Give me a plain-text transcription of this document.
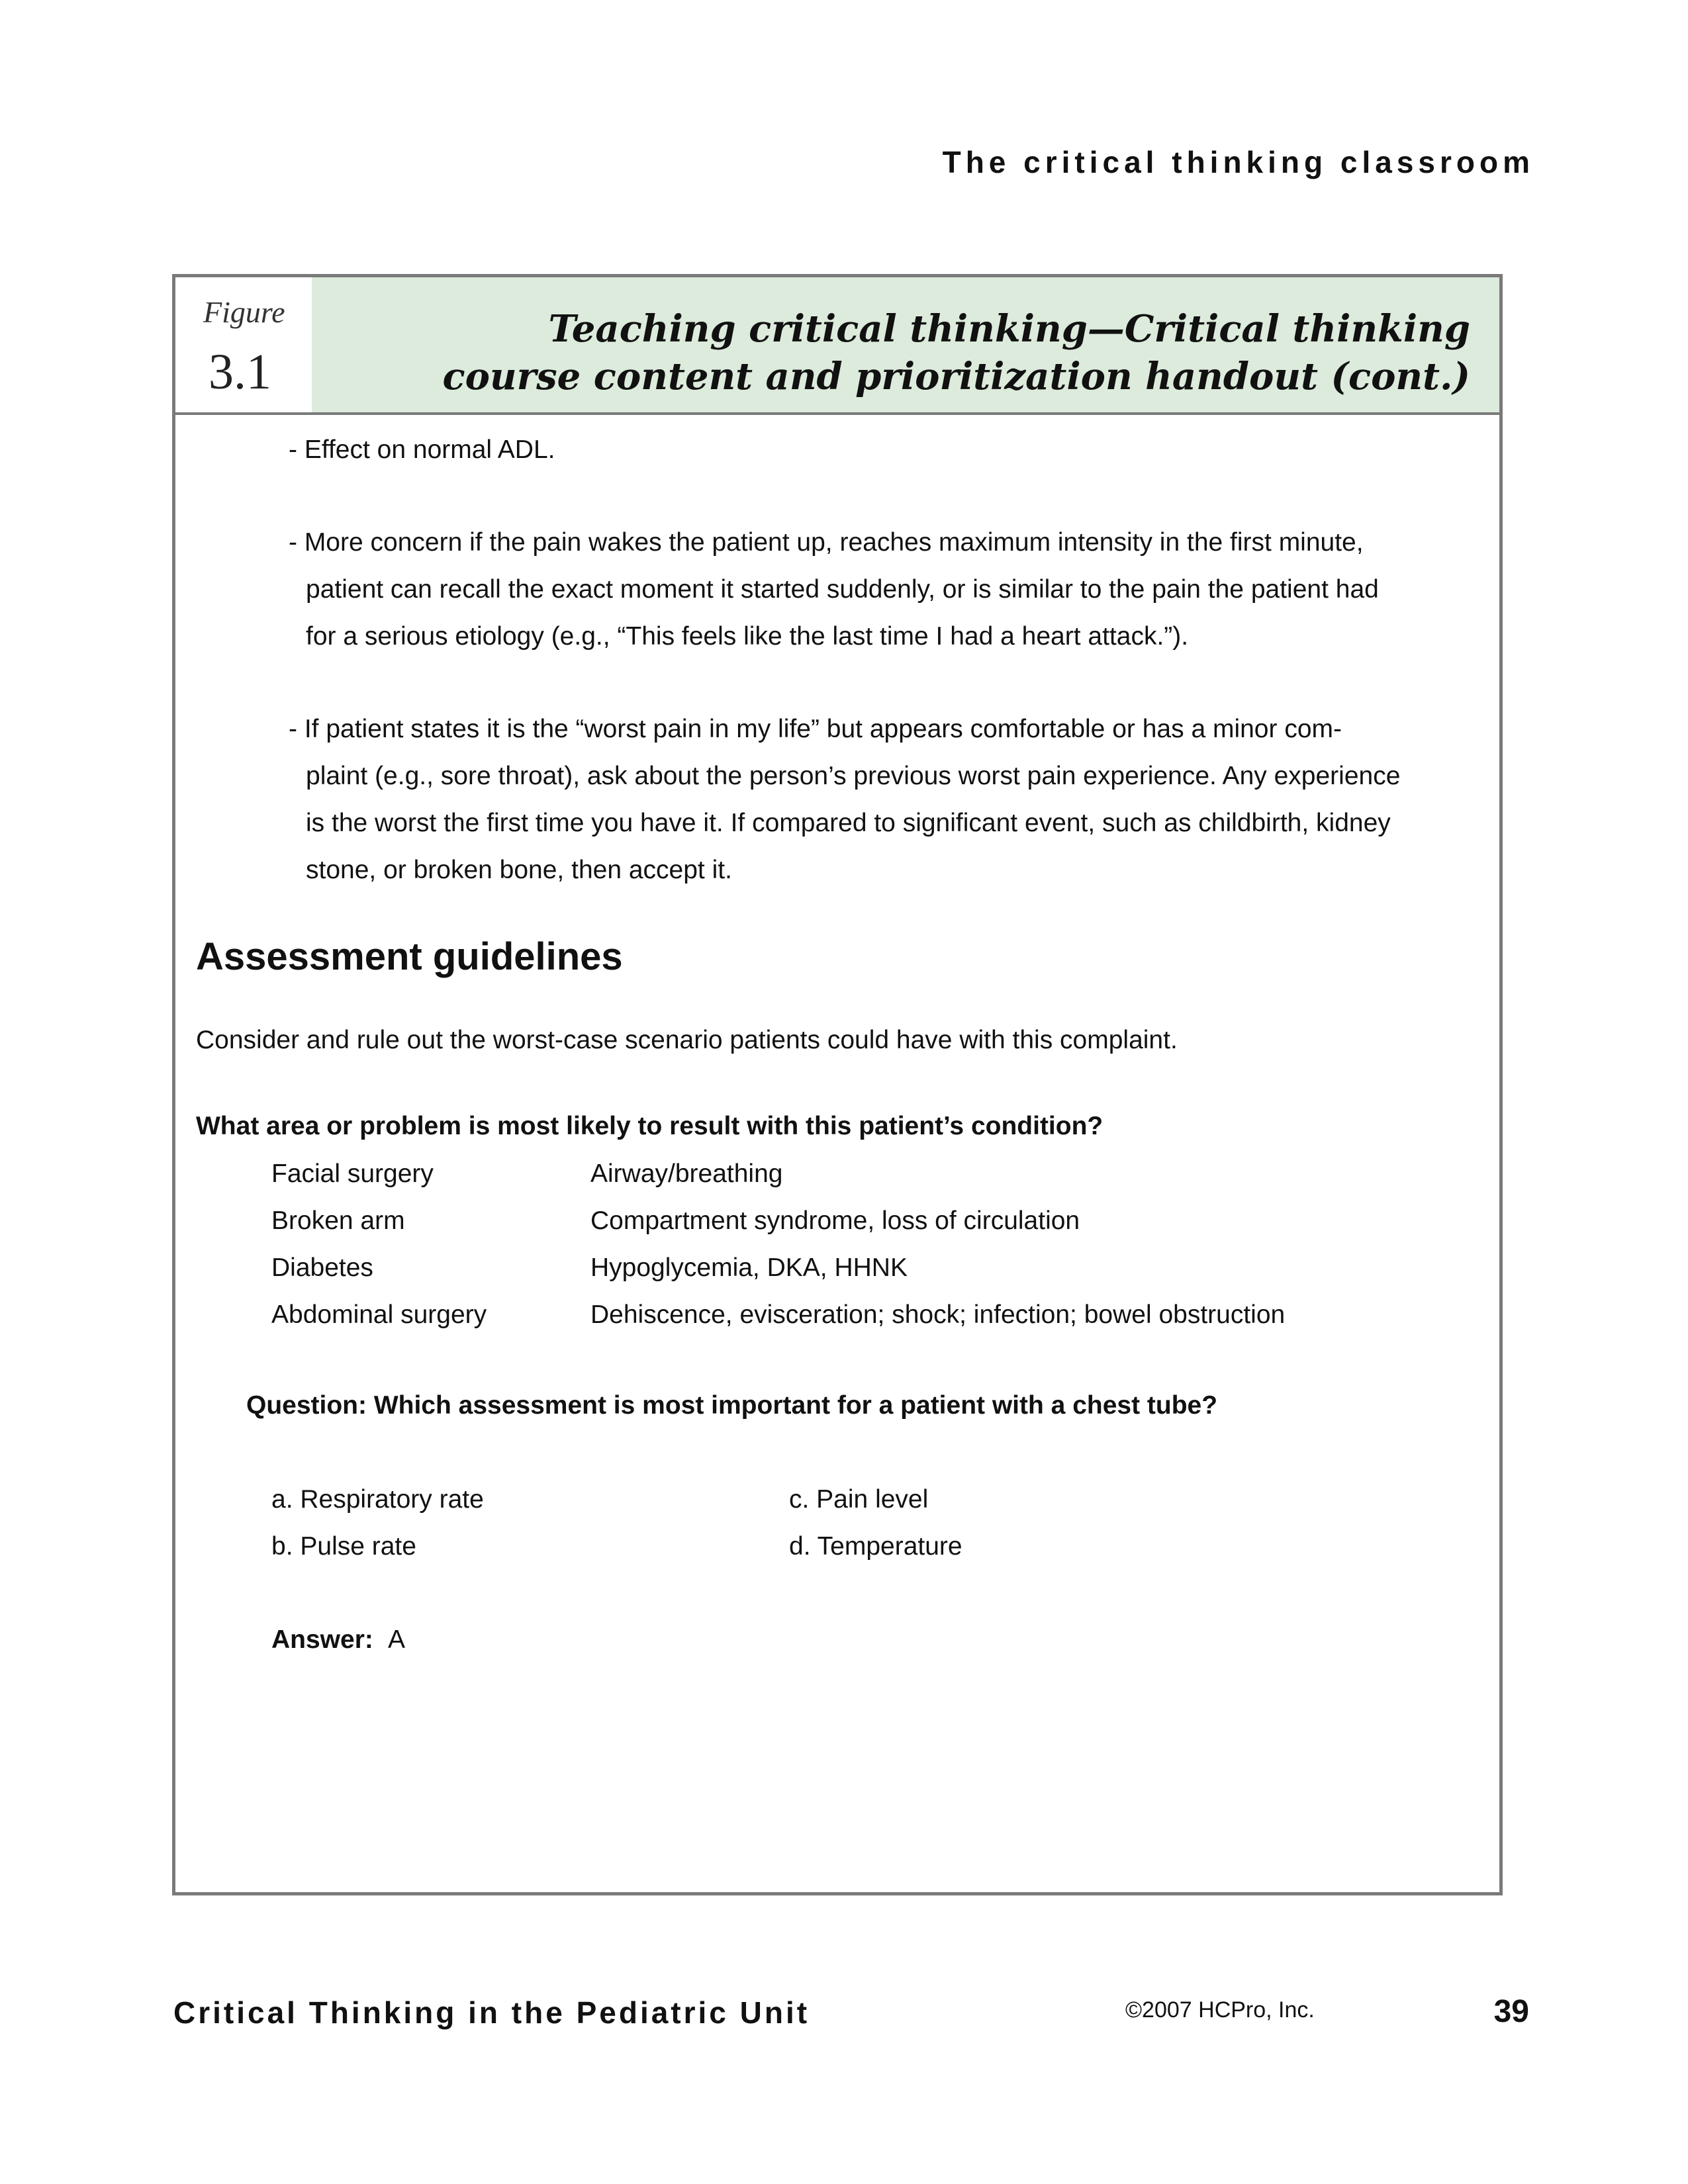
The critical thinking classroom
Figure
3.1
Teaching critical thinking—Critical thinking
course content and prioritization handout (cont.)
- Effect on normal ADL.
- More concern if the pain wakes the patient up, reaches maximum intensity in the first minute,
patient can recall the exact moment it started suddenly, or is similar to the pain the patient had
for a serious etiology (e.g., “This feels like the last time I had a heart attack.”).
- If patient states it is the “worst pain in my life” but appears comfortable or has a minor com-
plaint (e.g., sore throat), ask about the person’s previous worst pain experience. Any experience
is the worst the first time you have it. If compared to significant event, such as childbirth, kidney
stone, or broken bone, then accept it.
Assessment guidelines
Consider and rule out the worst-case scenario patients could have with this complaint.
What area or problem is most likely to result with this patient’s condition?
Facial surgery	Airway/breathing
Broken arm	Compartment syndrome, loss of circulation
Diabetes	Hypoglycemia, DKA, HHNK
Abdominal surgery	Dehiscence, evisceration; shock; infection; bowel obstruction
Question: Which assessment is most important for a patient with a chest tube?
a. Respiratory rate	c. Pain level
b. Pulse rate	d. Temperature
Answer: A
Critical Thinking in the Pediatric Unit	©2007 HCPro, Inc.	39
